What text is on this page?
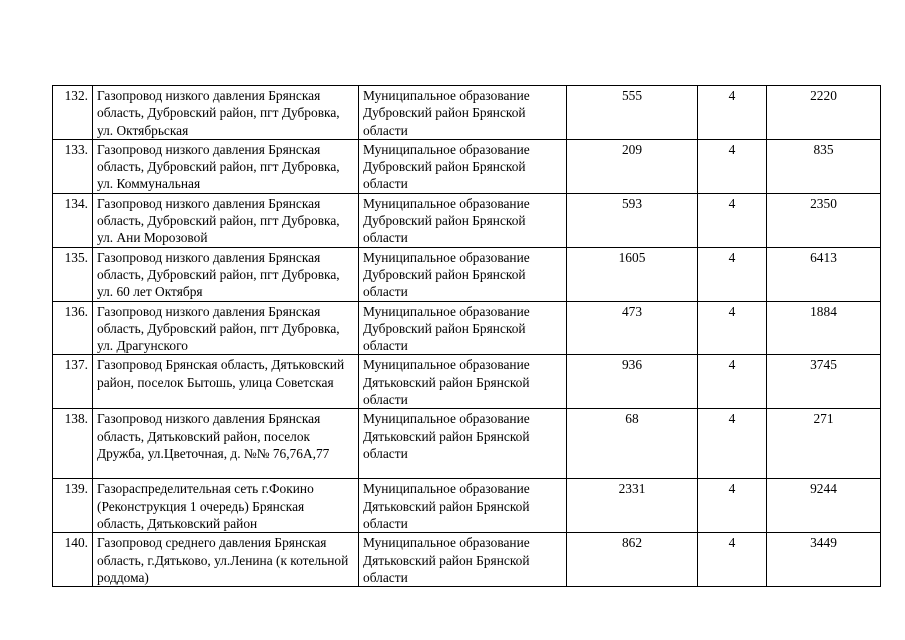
132.	Газопровод низкого давления Брянская область, Дубровский район, пгт Дубровка, ул. Октябрьская	Муниципальное образование Дубровский район Брянской области	555	4	2220
133.	Газопровод низкого давления Брянская область, Дубровский район, пгт Дубровка, ул. Коммунальная	Муниципальное образование Дубровский район Брянской области	209	4	835
134.	Газопровод низкого давления Брянская область, Дубровский район, пгт Дубровка, ул. Ани Морозовой	Муниципальное образование Дубровский район Брянской области	593	4	2350
135.	Газопровод низкого давления Брянская область, Дубровский район, пгт Дубровка, ул. 60 лет Октября	Муниципальное образование Дубровский район Брянской области	1605	4	6413
136.	Газопровод низкого давления Брянская область, Дубровский район, пгт Дубровка, ул. Драгунского	Муниципальное образование Дубровский район Брянской области	473	4	1884
137.	Газопровод Брянская область, Дятьковский район, поселок Бытошь, улица Советская	Муниципальное образование Дятьковский район Брянской области	936	4	3745
138.	Газопровод низкого давления Брянская область, Дятьковский район, поселок Дружба, ул.Цветочная, д. №№ 76,76А,77	Муниципальное образование Дятьковский район Брянской области	68	4	271
139.	Газораспределительная сеть г.Фокино (Реконструкция 1 очередь) Брянская область, Дятьковский район	Муниципальное образование Дятьковский район Брянской области	2331	4	9244
140.	Газопровод среднего давления Брянская область, г.Дятьково, ул.Ленина (к котельной роддома)	Муниципальное образование Дятьковский район Брянской области	862	4	3449
